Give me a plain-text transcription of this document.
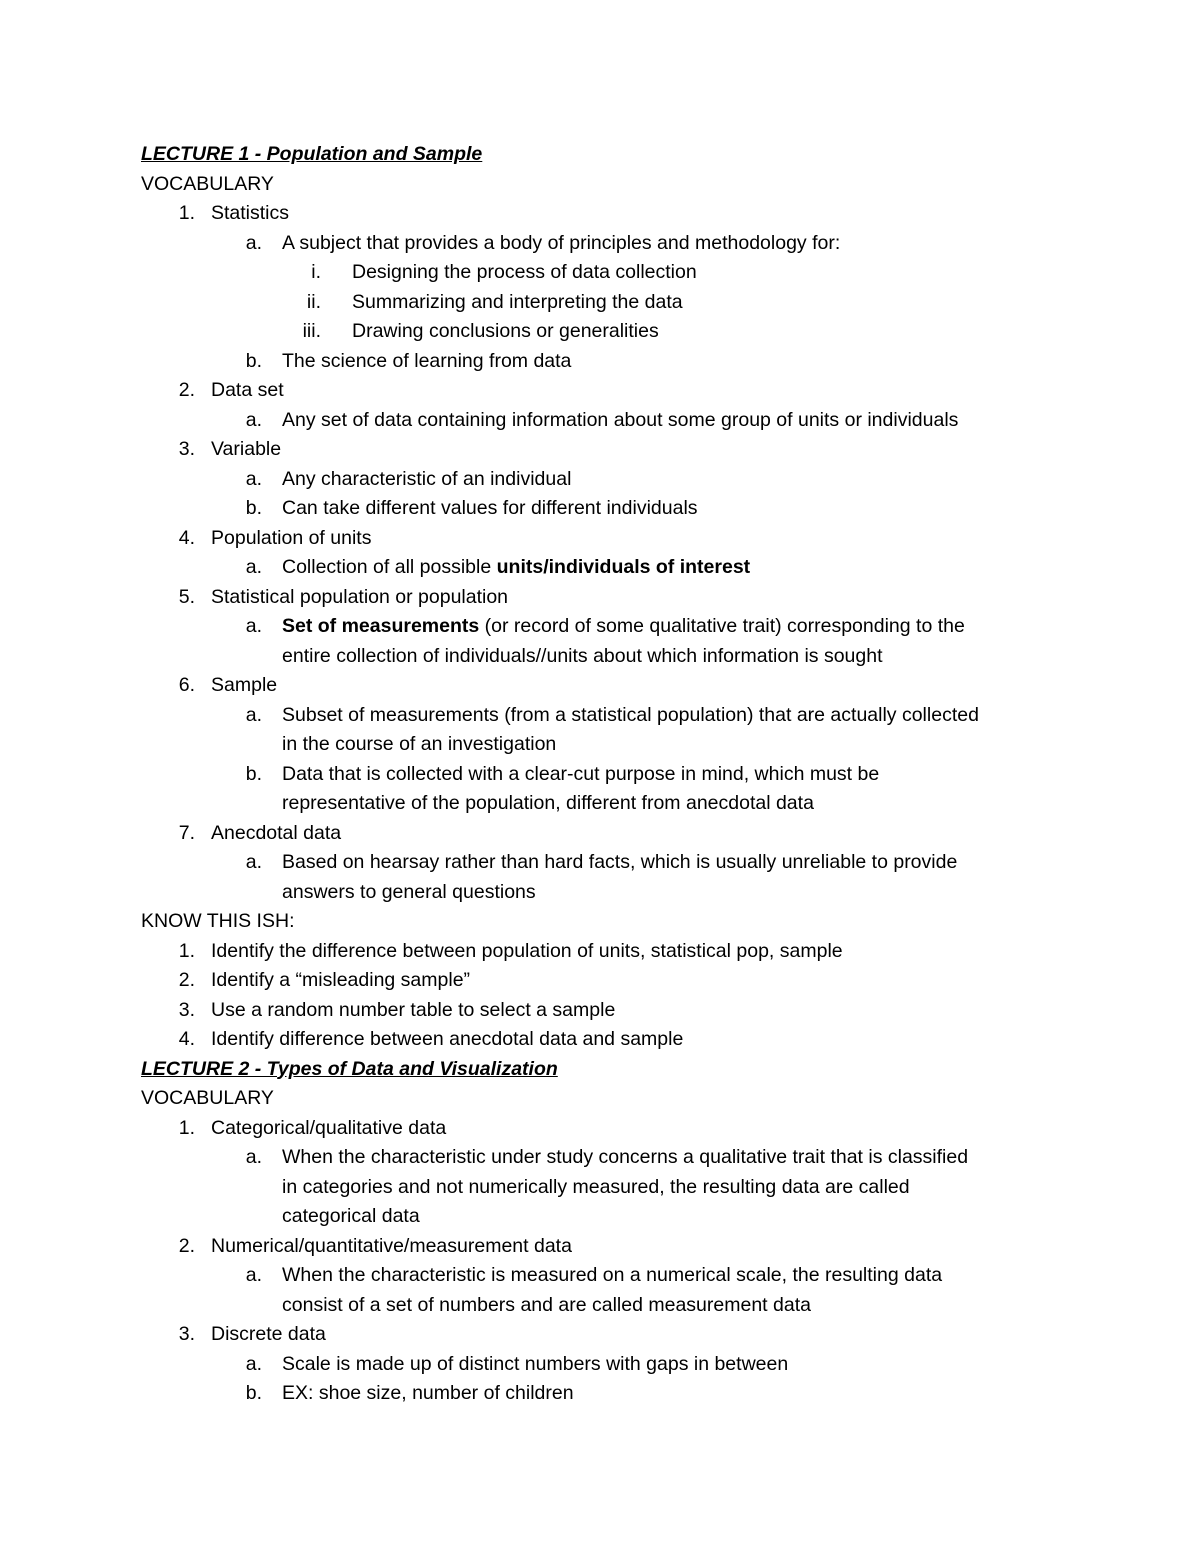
LECTURE 1 - Population and Sample
VOCABULARY
1. Statistics
a. A subject that provides a body of principles and methodology for:
i. Designing the process of data collection
ii. Summarizing and interpreting the data
iii. Drawing conclusions or generalities
b. The science of learning from data
2. Data set
a. Any set of data containing information about some group of units or individuals
3. Variable
a. Any characteristic of an individual
b. Can take different values for different individuals
4. Population of units
a. Collection of all possible units/individuals of interest
5. Statistical population or population
a. Set of measurements (or record of some qualitative trait) corresponding to the
entire collection of individuals//units about which information is sought
6. Sample
a. Subset of measurements (from a statistical population) that are actually collected
in the course of an investigation
b. Data that is collected with a clear-cut purpose in mind, which must be
representative of the population, different from anecdotal data
7. Anecdotal data
a. Based on hearsay rather than hard facts, which is usually unreliable to provide
answers to general questions
KNOW THIS ISH:
1. Identify the difference between population of units, statistical pop, sample
2. Identify a “misleading sample”
3. Use a random number table to select a sample
4. Identify difference between anecdotal data and sample
LECTURE 2 - Types of Data and Visualization
VOCABULARY
1. Categorical/qualitative data
a. When the characteristic under study concerns a qualitative trait that is classified
in categories and not numerically measured, the resulting data are called
categorical data
2. Numerical/quantitative/measurement data
a. When the characteristic is measured on a numerical scale, the resulting data
consist of a set of numbers and are called measurement data
3. Discrete data
a. Scale is made up of distinct numbers with gaps in between
b. EX: shoe size, number of children
